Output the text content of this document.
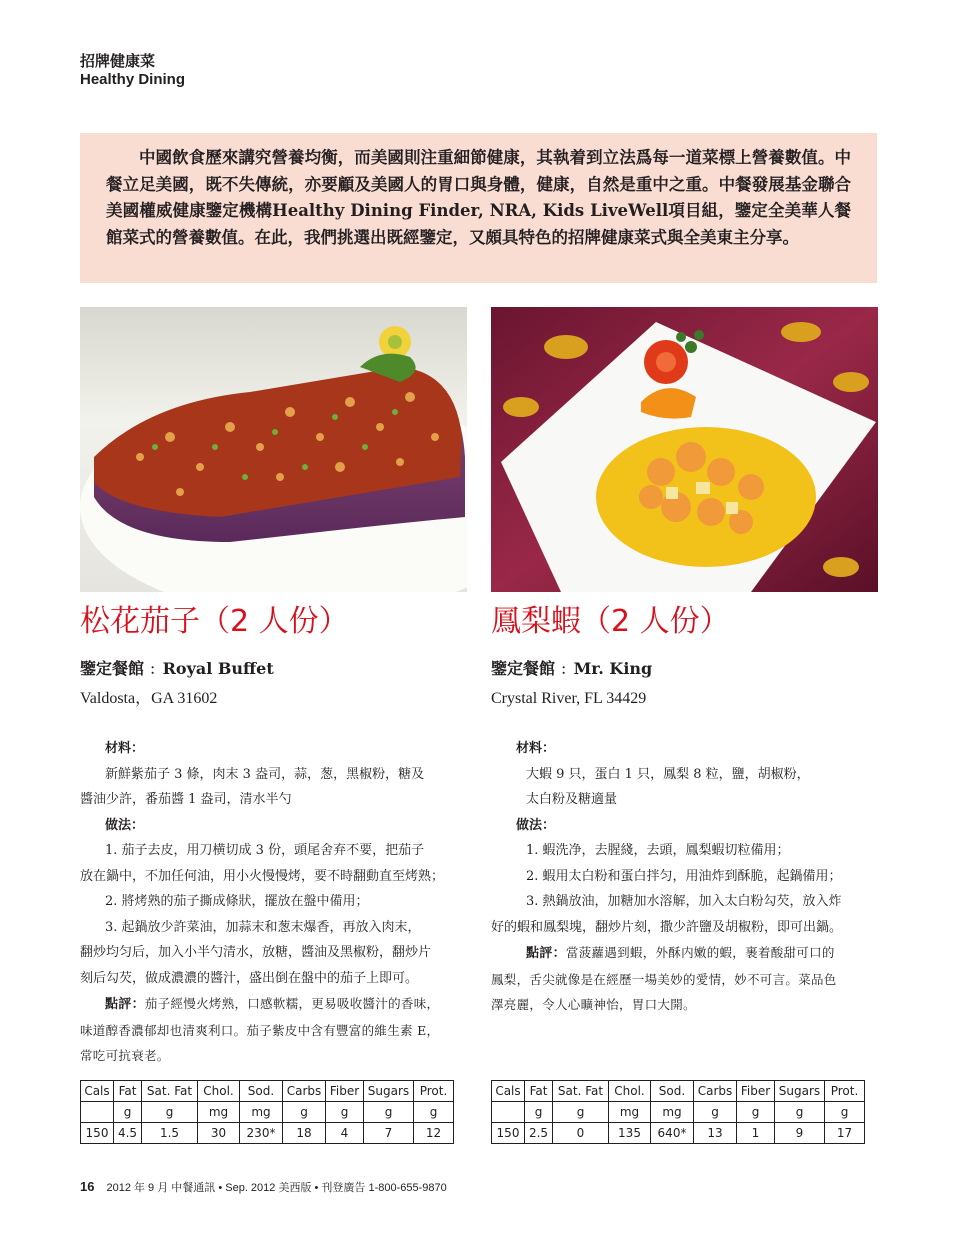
招牌健康菜
Healthy Dining

中國飲食歷來講究營養均衡，而美國則注重細節健康，其執着到立法爲每一道菜標上營養數值。中餐立足美國，既不失傳統，亦要顧及美國人的胃口與身體，健康，自然是重中之重。中餐發展基金聯合美國權威健康鑒定機構Healthy Dining Finder, NRA, Kids LiveWell項目組，鑒定全美華人餐館菜式的營養數值。在此，我們挑選出既經鑒定，又頗具特色的招牌健康菜式與全美東主分享。

松花茄子（2 人份）
鑒定餐館 ：Royal Buffet
Valdosta，GA 31602

材料：

新鮮紫茄子 3 條，肉末 3 盎司，蒜，葱，黑椒粉，糖及

醬油少許，番茄醬 1 盎司，清水半勺

做法：

1. 茄子去皮，用刀横切成 3 份，頭尾舍弃不要，把茄子

放在鍋中，不加任何油，用小火慢慢烤，要不時翻動直至烤熟；

2. 將烤熟的茄子撕成條狀，擺放在盤中備用；

3. 起鍋放少許菜油，加蒜末和葱末爆香，再放入肉末，

翻炒均匀后，加入小半勺清水，放糖，醬油及黑椒粉，翻炒片

刻后勾芡，做成濃濃的醬汁，盛出倒在盤中的茄子上即可。

點評：茄子經慢火烤熟，口感軟糯，更易吸收醬汁的香味，

味道醇香濃郁却也清爽利口。茄子紫皮中含有豐富的維生素 E，

常吃可抗衰老。

鳳梨蝦（2 人份）
鑒定餐館 ：Mr. King
Crystal River, FL 34429

材料：

大蝦 9 只，蛋白 1 只，鳳梨 8 粒，鹽，胡椒粉，

太白粉及糖適量

做法：

1. 蝦洗净，去腥綫，去頭，鳳梨蝦切粒備用；

2. 蝦用太白粉和蛋白拌匀，用油炸到酥脆，起鍋備用；

3. 熱鍋放油，加糖加水溶解，加入太白粉勾芡，放入炸

好的蝦和鳳梨塊，翻炒片刻，撒少許鹽及胡椒粉，即可出鍋。

點評：當菠蘿遇到蝦，外酥内嫩的蝦，裹着酸甜可口的

鳳梨，舌尖就像是在經歷一場美妙的愛情，妙不可言。菜品色

澤亮麗，令人心曠神怡，胃口大開。

Cals	Fat	Sat. Fat	Chol.	Sod.	Carbs	Fiber	Sugars	Prot.
	g	g	mg	mg	g	g	g	g
150	4.5	1.5	30	230*	18	4	7	12
Cals	Fat	Sat. Fat	Chol.	Sod.	Carbs	Fiber	Sugars	Prot.
	g	g	mg	mg	g	g	g	g
150	2.5	0	135	640*	13	1	9	17
16 2012 年 9 月 中餐通訊 • Sep. 2012 美西版 • 刊登廣告 1-800-655-9870
